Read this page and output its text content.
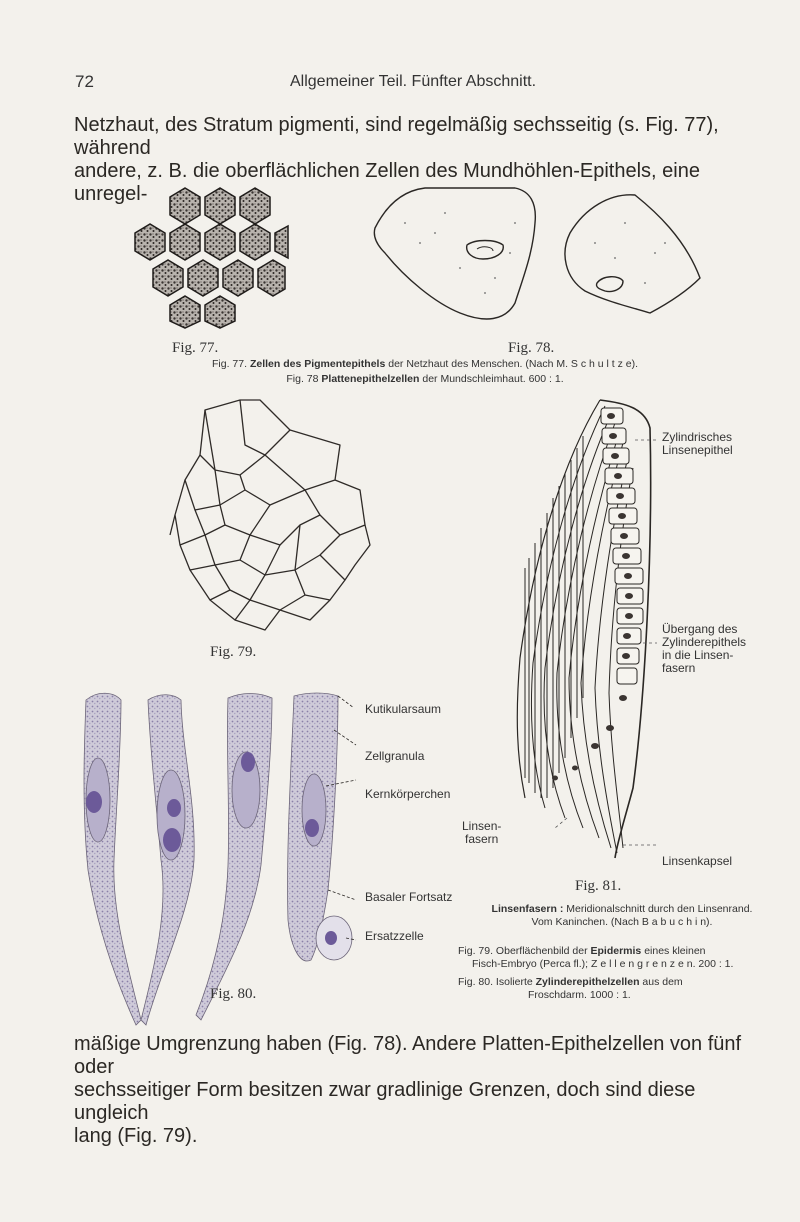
72	Allgemeiner Teil. Fünfter Abschnitt.
Netzhaut, des Stratum pigmenti, sind regelmäßig sechsseitig (s. Fig. 77), während
andere, z. B. die oberflächlichen Zellen des Mundhöhlen-Epithels, eine unregel-
Fig. 77.	Fig. 78.
Fig. 77. Zellen des Pigmentepithels der Netzhaut des Menschen. (Nach M. S c h u l t z e).
Fig. 78 Plattenepithelzellen der Mundschleimhaut. 600 : 1.
Fig. 79.
Zylindrisches
Linsenepithel
Übergang des
Zylinderepithels
in die Linsen-
fasern
Linsen-
fasern
Linsenkapsel
Fig. 81.
Kutikularsaum
Zellgranula
Kernkörperchen
Basaler Fortsatz
Ersatzzelle
Linsenfasern : Meridionalschnitt durch den Linsenrand.
Vom Kaninchen. (Nach B a b u c h i n).
Fig. 79. Oberflächenbild der Epidermis eines kleinen
Fisch-Embryo (Perca fl.); Z e l l e n g r e n z e n. 200 : 1.
Fig. 80. Isolierte Zylinderepithelzellen aus dem
Froschdarm. 1000 : 1.
Fig. 80.
mäßige Umgrenzung haben (Fig. 78). Andere Platten-Epithelzellen von fünf oder
sechsseitiger Form besitzen zwar gradlinige Grenzen, doch sind diese ungleich
lang (Fig. 79).
